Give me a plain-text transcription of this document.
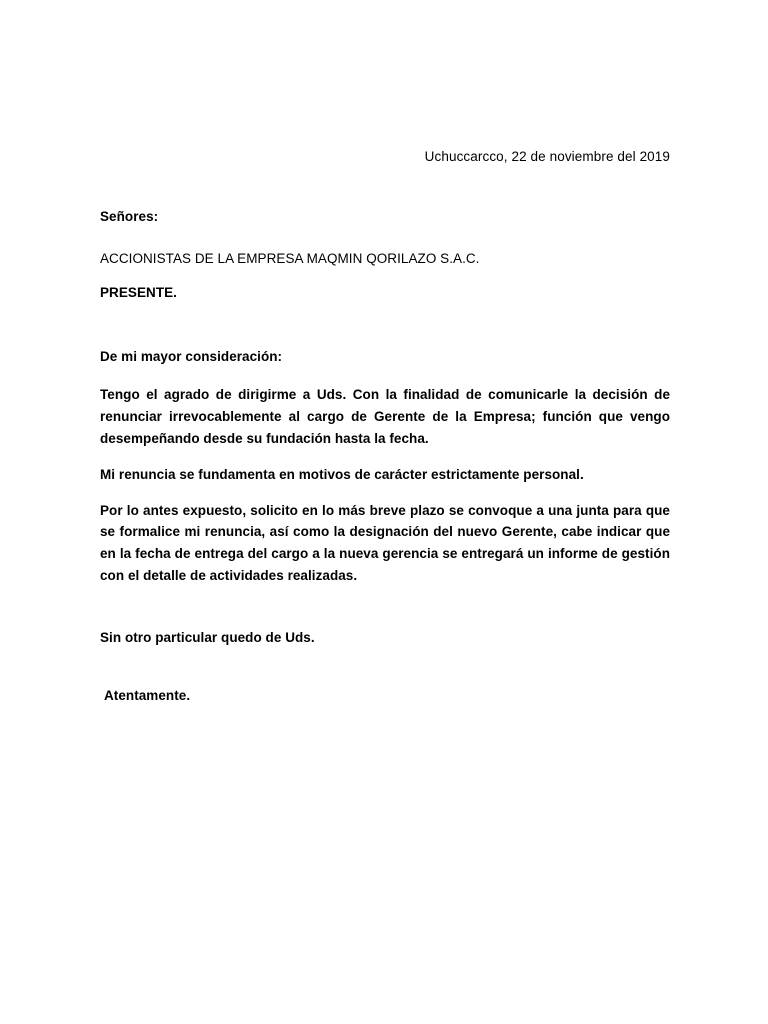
Uchuccarcco, 22 de noviembre del 2019
Señores:
ACCIONISTAS DE LA EMPRESA MAQMIN QORILAZO S.A.C.
PRESENTE.
De mi mayor consideración:
Tengo el agrado de dirigirme a Uds. Con la finalidad de comunicarle la decisión de renunciar irrevocablemente al cargo de Gerente de la Empresa; función que vengo desempeñando desde su fundación hasta la fecha.
Mi renuncia se fundamenta en motivos de carácter estrictamente personal.
Por lo antes expuesto, solicito en lo más breve plazo se convoque a una junta para que se formalice mi renuncia, así como la designación del nuevo Gerente, cabe indicar que en la fecha de entrega del cargo a la nueva gerencia se entregará un informe de gestión con el detalle de actividades realizadas.
Sin otro particular quedo de Uds.
Atentamente.
